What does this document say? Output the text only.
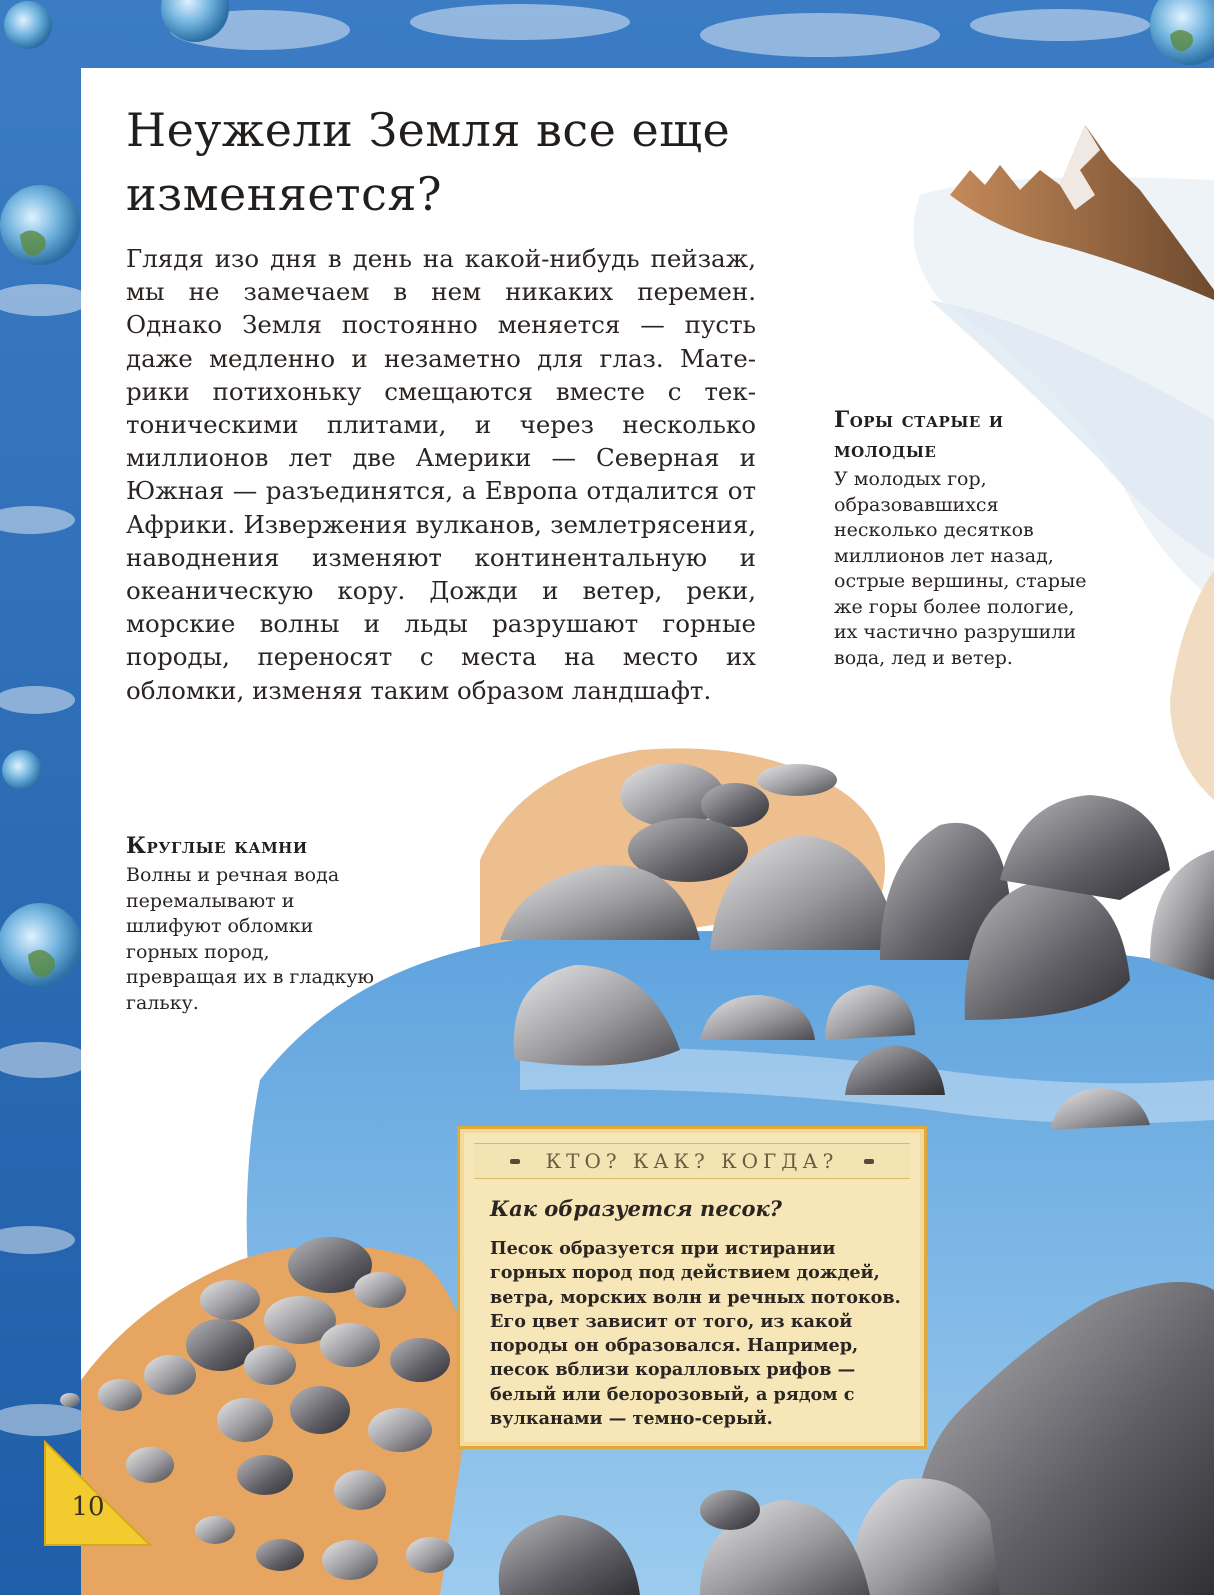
Неужели Земля все еще изменяется?

Глядя изо дня в день на какой-нибудь пейзаж, мы не замечаем в нем никаких перемен. Однако Земля постоянно меняется — пусть даже медленно и незаметно для глаз. Материки потихоньку смещаются вместе с тектоническими плитами, и через несколько миллионов лет две Америки — Северная и Южная — разъединятся, а Европа отдалится от Африки. Извержения вулканов, землетрясения, наводнения изменяют континентальную и океаническую кору. Дожди и ветер, реки, морские волны и льды разрушают горные породы, переносят с места на место их обломки, изменяя таким образом ландшафт.

Горы старые и молодые

У молодых гор, образовавшихся несколько десятков миллионов лет назад, острые вершины, старые же горы более пологие, их частично разрушили вода, лед и ветер.

Круглые камни

Волны и речная вода перемалывают и шлифуют обломки горных пород, превращая их в гладкую гальку.

КТО? КАК? КОГДА?

Как образуется песок?

Песок образуется при истирании горных пород под действием дождей, ветра, морских волн и речных потоков. Его цвет зависит от того, из какой породы он образовался. Например, песок вблизи коралловых рифов — белый или белорозовый, а рядом с вулканами — темно-серый.

10
